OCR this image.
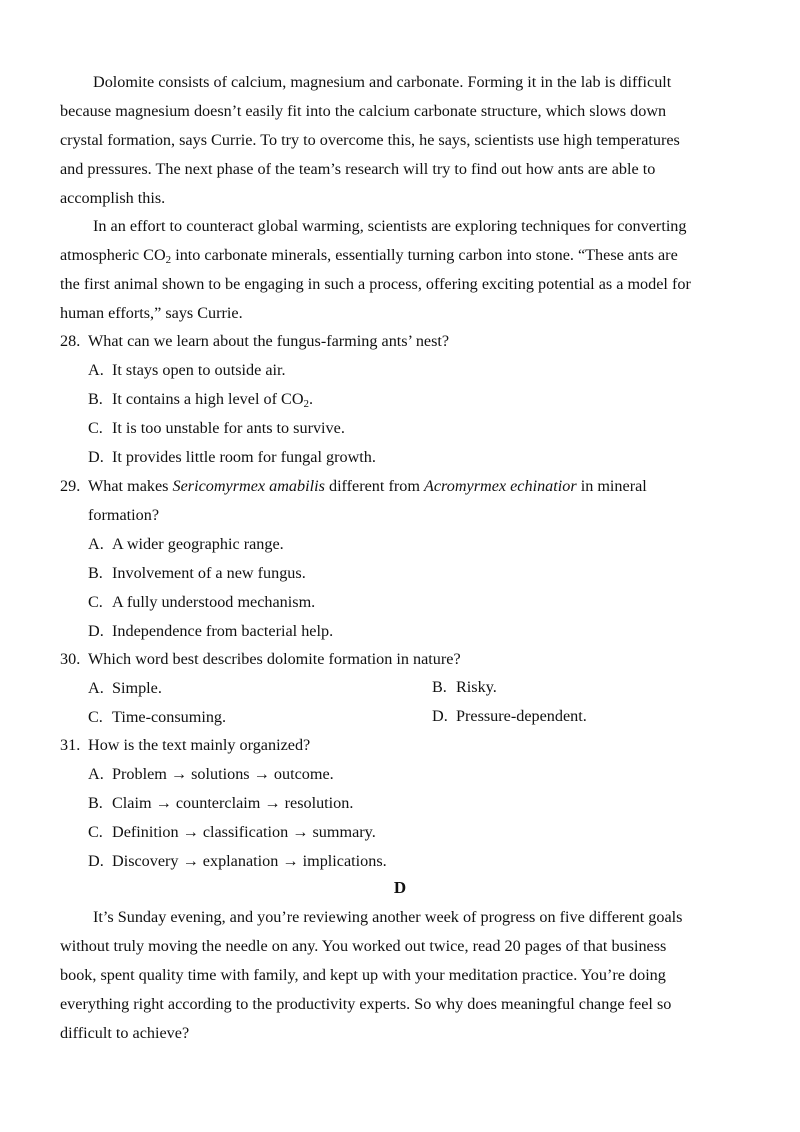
Dolomite consists of calcium, magnesium and carbonate. Forming it in the lab is difficult
because magnesium doesn’t easily fit into the calcium carbonate structure, which slows down
crystal formation, says Currie. To try to overcome this, he says, scientists use high temperatures
and pressures. The next phase of the team’s research will try to find out how ants are able to
accomplish this.
In an effort to counteract global warming, scientists are exploring techniques for converting
atmospheric $CO_2$ into carbonate minerals, essentially turning carbon into stone. “These ants are
the first animal shown to be engaging in such a process, offering exciting potential as a model for
human efforts,” says Currie.
28. What can we learn about the fungus-farming ants’ nest?
A. It stays open to outside air.
B. It contains a high level of $CO_2$.
C. It is too unstable for ants to survive.
D. It provides little room for fungal growth.
29. What makes Sericomyrmex amabilis different from Acromyrmex echinatior in mineral
formation?
A. A wider geographic range.
B. Involvement of a new fungus.
C. A fully understood mechanism.
D. Independence from bacterial help.
30. Which word best describes dolomite formation in nature?
A. Simple.	B. Risky.
C. Time-consuming.	D. Pressure-dependent.
31. How is the text mainly organized?
A. Problem → solutions → outcome.
B. Claim → counterclaim → resolution.
C. Definition → classification → summary.
D. Discovery → explanation → implications.
D
It’s Sunday evening, and you’re reviewing another week of progress on five different goals
without truly moving the needle on any. You worked out twice, read 20 pages of that business
book, spent quality time with family, and kept up with your meditation practice. You’re doing
everything right according to the productivity experts. So why does meaningful change feel so
difficult to achieve?
